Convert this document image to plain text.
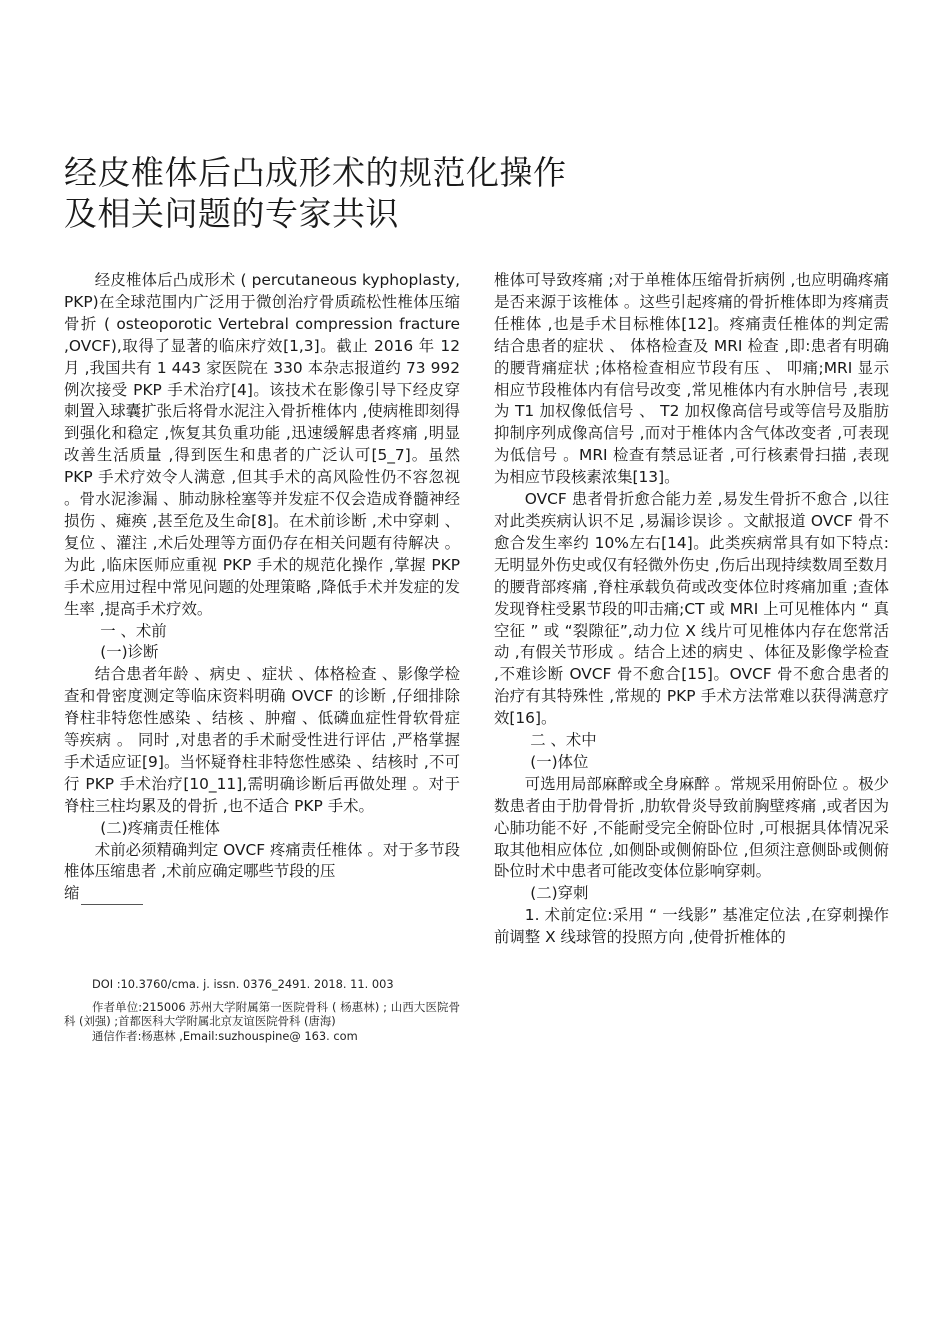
经皮椎体后凸成形术的规范化操作
及相关问题的专家共识

经皮椎体后凸成形术 ( percutaneous kyphoplasty, PKP)在全球范围内广泛用于微创治疗骨质疏松性椎体压缩骨折 ( osteoporotic Vertebral compression fracture ,OVCF),取得了显著的临床疗效[1,3]。截止 2016 年 12 月 ,我国共有 1 443 家医院在 330 本杂志报道约 73 992 例次接受 PKP 手术治疗[4]。该技术在影像引导下经皮穿刺置入球囊扩张后将骨水泥注入骨折椎体内 ,使病椎即刻得到强化和稳定 ,恢复其负重功能 ,迅速缓解患者疼痛 ,明显改善生活质量 ,得到医生和患者的广泛认可[5_7]。虽然 PKP 手术疗效令人满意 ,但其手术的高风险性仍不容忽视 。骨水泥渗漏 、肺动脉栓塞等并发症不仅会造成脊髓神经损伤 、瘫痪 ,甚至危及生命[8]。在术前诊断 ,术中穿刺 、复位 、灌注 ,术后处理等方面仍存在相关问题有待解决 。为此 ,临床医师应重视 PKP 手术的规范化操作 ,掌握 PKP 手术应用过程中常见问题的处理策略 ,降低手术并发症的发生率 ,提高手术疗效。

一 、术前

(一)诊断

结合患者年龄 、病史 、症状 、体格检查 、影像学检查和骨密度测定等临床资料明确 OVCF 的诊断 ,仔细排除脊柱非特您性感染 、结核 、肿瘤 、低磷血症性骨软骨症等疾病 。 同时 ,对患者的手术耐受性进行评估 ,严格掌握手术适应证[9]。当怀疑脊柱非特您性感染 、结核时 ,不可行 PKP 手术治疗[10_11],需明确诊断后再做处理 。对于脊柱三柱均累及的骨折 ,也不适合 PKP 手术。

(二)疼痛责任椎体

术前必须精确判定 OVCF 疼痛责任椎体 。对于多节段椎体压缩患者 ,术前应确定哪些节段的压

缩

DOI :10.3760/cma. j. issn. 0376_2491. 2018. 11. 003

作者单位:215006 苏州大学附属第一医院骨科 ( 杨惠林) ; 山西大医院骨科 (刘强) ;首都医科大学附属北京友谊医院骨科 (唐海)

通信作者:杨惠林 ,Email:suzhouspine@ 163. com

椎体可导致疼痛 ;对于单椎体压缩骨折病例 ,也应明确疼痛是否来源于该椎体 。这些引起疼痛的骨折椎体即为疼痛责任椎体 ,也是手术目标椎体[12]。疼痛责任椎体的判定需结合患者的症状 、 体格检查及 MRI 检查 ,即:患者有明确的腰背痛症状 ;体格检查相应节段有压 、 叩痛;MRI 显示相应节段椎体内有信号改变 ,常见椎体内有水肿信号 ,表现为 T1 加权像低信号 、 T2 加权像高信号或等信号及脂肪抑制序列成像高信号 ,而对于椎体内含气体改变者 ,可表现为低信号 。MRI 检查有禁忌证者 ,可行核素骨扫描 ,表现为相应节段核素浓集[13]。

OVCF 患者骨折愈合能力差 ,易发生骨折不愈合 ,以往对此类疾病认识不足 ,易漏诊误诊 。文献报道 OVCF 骨不愈合发生率约 10%左右[14]。此类疾病常具有如下特点:无明显外伤史或仅有轻微外伤史 ,伤后出现持续数周至数月的腰背部疼痛 ,脊柱承载负荷或改变体位时疼痛加重 ;查体发现脊柱受累节段的叩击痛;CT 或 MRI 上可见椎体内 “ 真空征 ” 或 “裂隙征”,动力位 X 线片可见椎体内存在您常活动 ,有假关节形成 。结合上述的病史 、体征及影像学检查 ,不难诊断 OVCF 骨不愈合[15]。OVCF 骨不愈合患者的治疗有其特殊性 ,常规的 PKP 手术方法常难以获得满意疗效[16]。

二 、术中

(一)体位

可选用局部麻醉或全身麻醉 。常规采用俯卧位 。极少数患者由于肋骨骨折 ,肋软骨炎导致前胸壁疼痛 ,或者因为心肺功能不好 ,不能耐受完全俯卧位时 ,可根据具体情况采取其他相应体位 ,如侧卧或侧俯卧位 ,但须注意侧卧或侧俯卧位时术中患者可能改变体位影响穿刺。

(二)穿刺

1. 术前定位:采用 “ 一线影” 基准定位法 ,在穿刺操作前调整 X 线球管的投照方向 ,使骨折椎体的
